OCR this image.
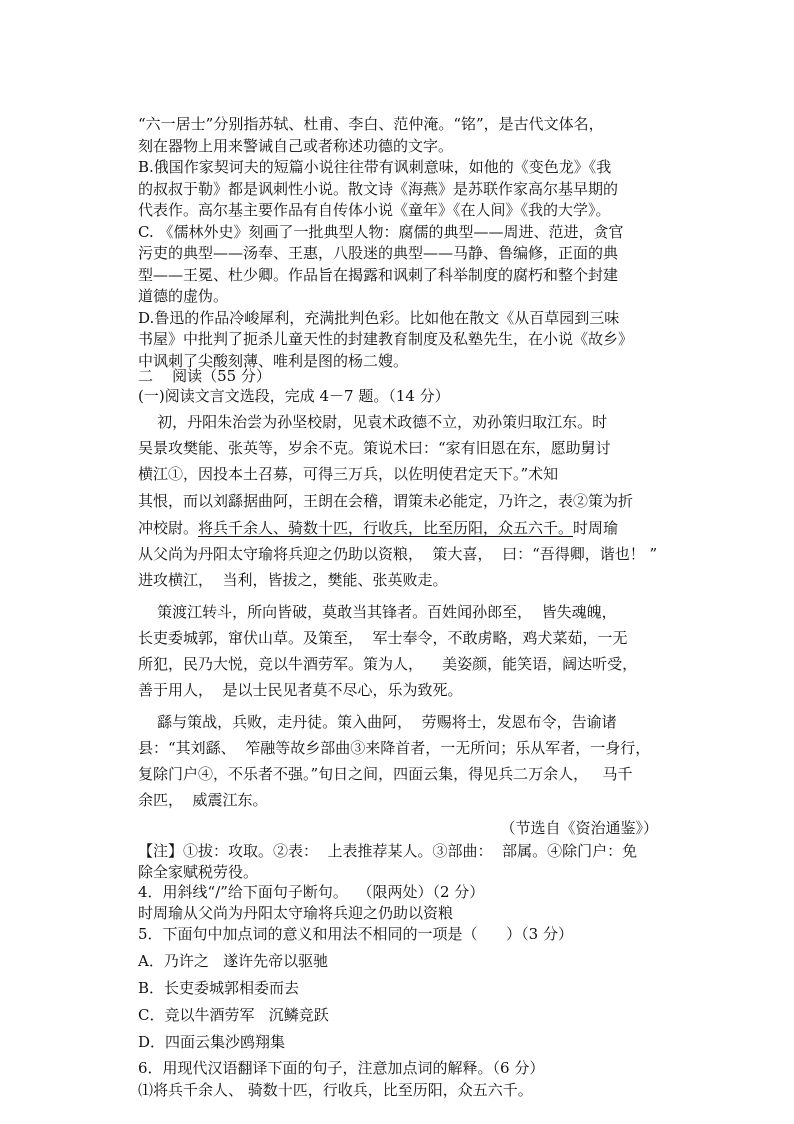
“六一居士”分别指苏轼、杜甫、李白、范仲淹。“铭”，是古代文体名，
刻在器物上用来警诫自己或者称述功德的文字。
B.俄国作家契诃夫的短篇小说往往带有讽刺意味，如他的《变色龙》《我
的叔叔于勒》都是讽刺性小说。散文诗《海燕》是苏联作家高尔基早期的
代表作。高尔基主要作品有自传体小说《童年》《在人间》《我的大学》。
C. 《儒林外史》刻画了一批典型人物：腐儒的典型——周进、范进，贪官
污吏的典型——汤奉、王惠，八股迷的典型——马静、鲁编修，正面的典
型——王冕、杜少卿。作品旨在揭露和讽刺了科举制度的腐朽和整个封建
道德的虚伪。
D.鲁迅的作品冷峻犀利，充满批判色彩。比如他在散文《从百草园到三味
书屋》中批判了扼杀儿童天性的封建教育制度及私塾先生，在小说《故乡》
中讽刺了尖酸刻薄、唯利是图的杨二嫂。
二    阅读（55 分）
(一)阅读文言文选段，完成 4－7 题。（14 分）
初，丹阳朱治尝为孙坚校尉，见袁术政德不立，劝孙策归取江东。时
吴景攻樊能、张英等，岁余不克。策说术曰：“家有旧恩在东，愿助舅讨
横江①，因投本土召募，可得三万兵，以佐明使君定天下。”术知
其恨，而以刘繇据曲阿，王朗在会稽，谓策未必能定，乃许之，表②策为折
冲校尉。将兵千余人、骑数十匹，行收兵，比至历阳，众五六千。时周瑜
从父尚为丹阳太守瑜将兵迎之仍助以资粮，  策大喜，  曰：“吾得卿，谐也！ ”
进攻横江，  当利，皆拔之，樊能、张英败走。
策渡江转斗，所向皆破，莫敢当其锋者。百姓闻孙郎至，  皆失魂魄，
长吏委城郭，窜伏山草。及策至，  军士奉令，不敢虏略，鸡犬菜茹，一无
所犯，民乃大悦，竞以牛酒劳军。策为人，    美姿颜，能笑语，阔达听受，
善于用人，  是以士民见者莫不尽心，乐为致死。
繇与策战，兵败，走丹徒。策入曲阿，  劳赐将士，发恩布令，告谕诸
县：“其刘繇、  笮融等故乡部曲③来降首者，一无所问；乐从军者，一身行，
复除门户④，不乐者不强。”旬日之间，四面云集，得见兵二万余人，   马千
余匹，  威震江东。
（节选自《资治通鉴》）
【注】①拔：攻取。②表：  上表推荐某人。③部曲：  部属。④除门户：免
除全家赋税劳役。
4．用斜线“/”给下面句子断句。  （限两处）（2 分）
时周瑜从父尚为丹阳太守瑜将兵迎之仍助以资粮
5．下面句中加点词的意义和用法不相同的一项是（      ）（3 分）
A．乃许之   遂许先帝以驱驰
B．长吏委城郭相委而去
C．竞以牛酒劳军   沉鳞竞跃
D．四面云集沙鸥翔集
6．用现代汉语翻译下面的句子，注意加点词的解释。（6 分）
⑴将兵千余人、 骑数十匹，行收兵，比至历阳，众五六千。
